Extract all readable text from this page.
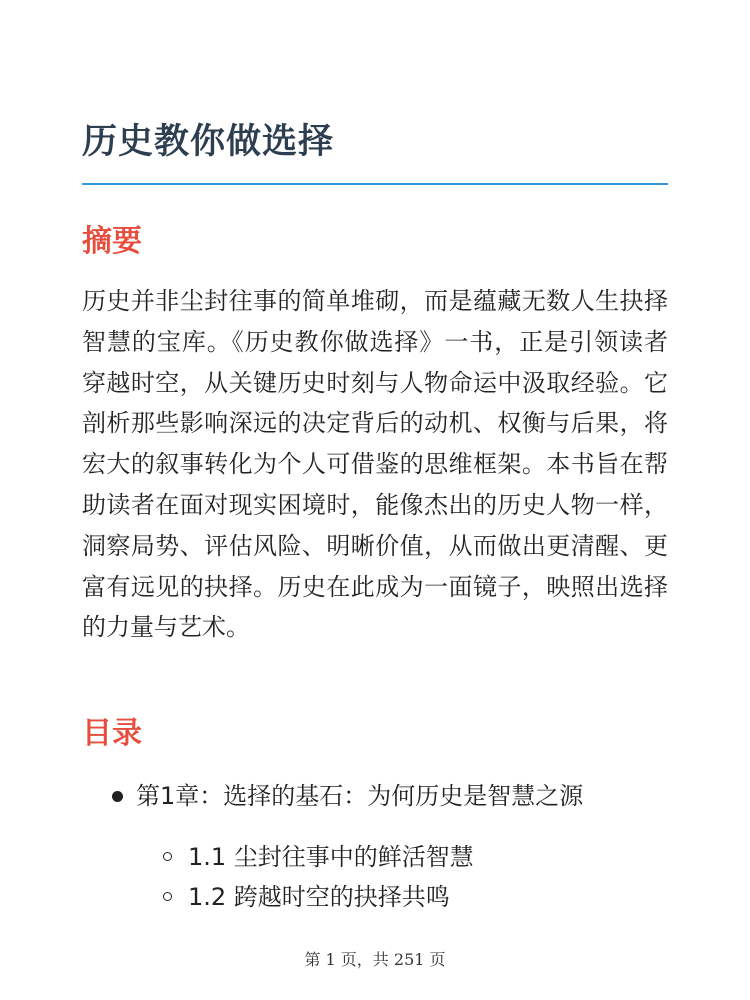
历史教你做选择
摘要

历史并非尘封往事的简单堆砌，而是蕴藏无数人生抉择智慧的宝库。《历史教你做选择》一书，正是引领读者穿越时空，从关键历史时刻与人物命运中汲取经验。它剖析那些影响深远的决定背后的动机、权衡与后果，将宏大的叙事转化为个人可借鉴的思维框架。本书旨在帮助读者在面对现实困境时，能像杰出的历史人物一样，洞察局势、评估风险、明晰价值，从而做出更清醒、更富有远见的抉择。历史在此成为一面镜子，映照出选择的力量与艺术。

目录
第1章：选择的基石：为何历史是智慧之源
1.1 尘封往事中的鲜活智慧
1.2 跨越时空的抉择共鸣
第 1 页，共 251 页
